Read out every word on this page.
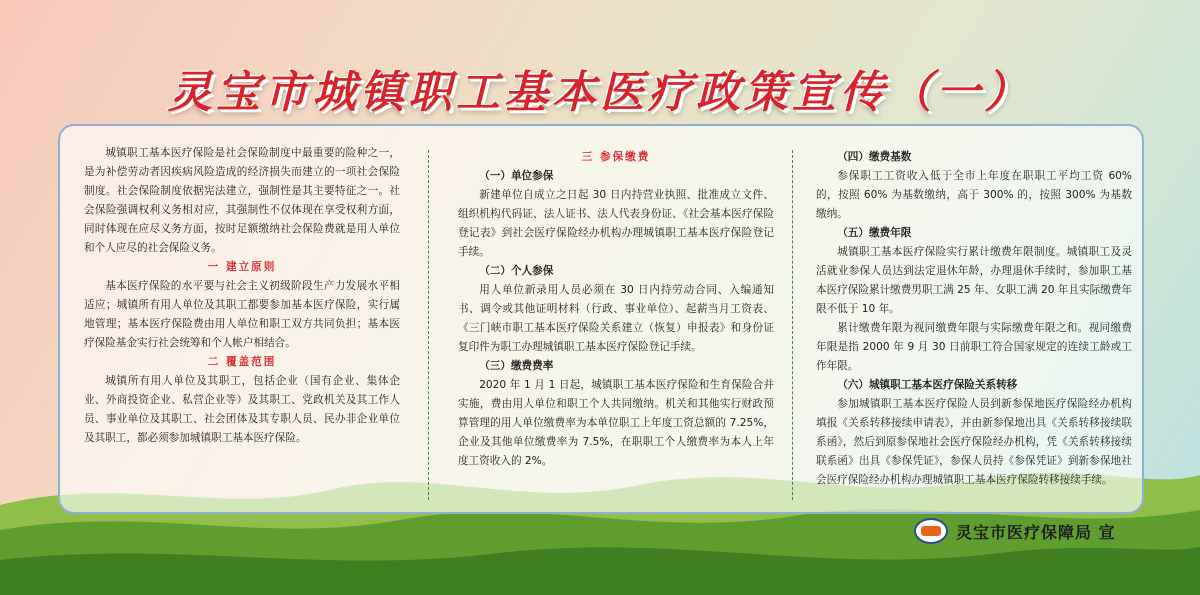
灵宝市城镇职工基本医疗政策宣传（一）

城镇职工基本医疗保险是社会保险制度中最重要的险种之一，是为补偿劳动者因疾病风险造成的经济损失而建立的一项社会保险制度。社会保险制度依据宪法建立，强制性是其主要特征之一。社会保险强调权利义务相对应，其强制性不仅体现在享受权利方面，同时体现在应尽义务方面，按时足额缴纳社会保险费就是用人单位和个人应尽的社会保险义务。

一 建立原则

基本医疗保险的水平要与社会主义初级阶段生产力发展水平相适应；城镇所有用人单位及其职工都要参加基本医疗保险，实行属地管理；基本医疗保险费由用人单位和职工双方共同负担；基本医疗保险基金实行社会统筹和个人帐户相结合。

二 覆盖范围

城镇所有用人单位及其职工，包括企业（国有企业、集体企业、外商投资企业、私营企业等）及其职工、党政机关及其工作人员、事业单位及其职工、社会团体及其专职人员、民办非企业单位及其职工，都必须参加城镇职工基本医疗保险。

三 参保缴费

（一）单位参保

新建单位自成立之日起 30 日内持营业执照、批准成立文件、组织机构代码证、法人证书、法人代表身份证、《社会基本医疗保险登记表》到社会医疗保险经办机构办理城镇职工基本医疗保险登记手续。

（二）个人参保

用人单位新录用人员必须在 30 日内持劳动合同、入编通知书、调令或其他证明材料（行政、事业单位）、起薪当月工资表、《三门峡市职工基本医疗保险关系建立（恢复）申报表》和身份证复印件为职工办理城镇职工基本医疗保险登记手续。

（三）缴费费率

2020 年 1 月 1 日起，城镇职工基本医疗保险和生育保险合并实施，费由用人单位和职工个人共同缴纳。机关和其他实行财政预算管理的用人单位缴费率为本单位职工上年度工资总额的 7.25%，企业及其他单位缴费率为 7.5%，在职职工个人缴费率为本人上年度工资收入的 2%。

（四）缴费基数

参保职工工资收入低于全市上年度在职职工平均工资 60% 的，按照 60% 为基数缴纳，高于 300% 的，按照 300% 为基数缴纳。

（五）缴费年限

城镇职工基本医疗保险实行累计缴费年限制度。城镇职工及灵活就业参保人员达到法定退休年龄，办理退休手续时，参加职工基本医疗保险累计缴费男职工满 25 年、女职工满 20 年且实际缴费年限不低于 10 年。

累计缴费年限为视同缴费年限与实际缴费年限之和。视同缴费年限是指 2000 年 9 月 30 日前职工符合国家规定的连续工龄或工作年限。

（六）城镇职工基本医疗保险关系转移

参加城镇职工基本医疗保险人员到新参保地医疗保险经办机构填报《关系转移接续申请表》，并由新参保地出具《关系转移接续联系函》，然后到原参保地社会医疗保险经办机构，凭《关系转移接续联系函》出具《参保凭证》，参保人员持《参保凭证》到新参保地社会医疗保险经办机构办理城镇职工基本医疗保险转移接续手续。

灵宝市医疗保障局 宣
